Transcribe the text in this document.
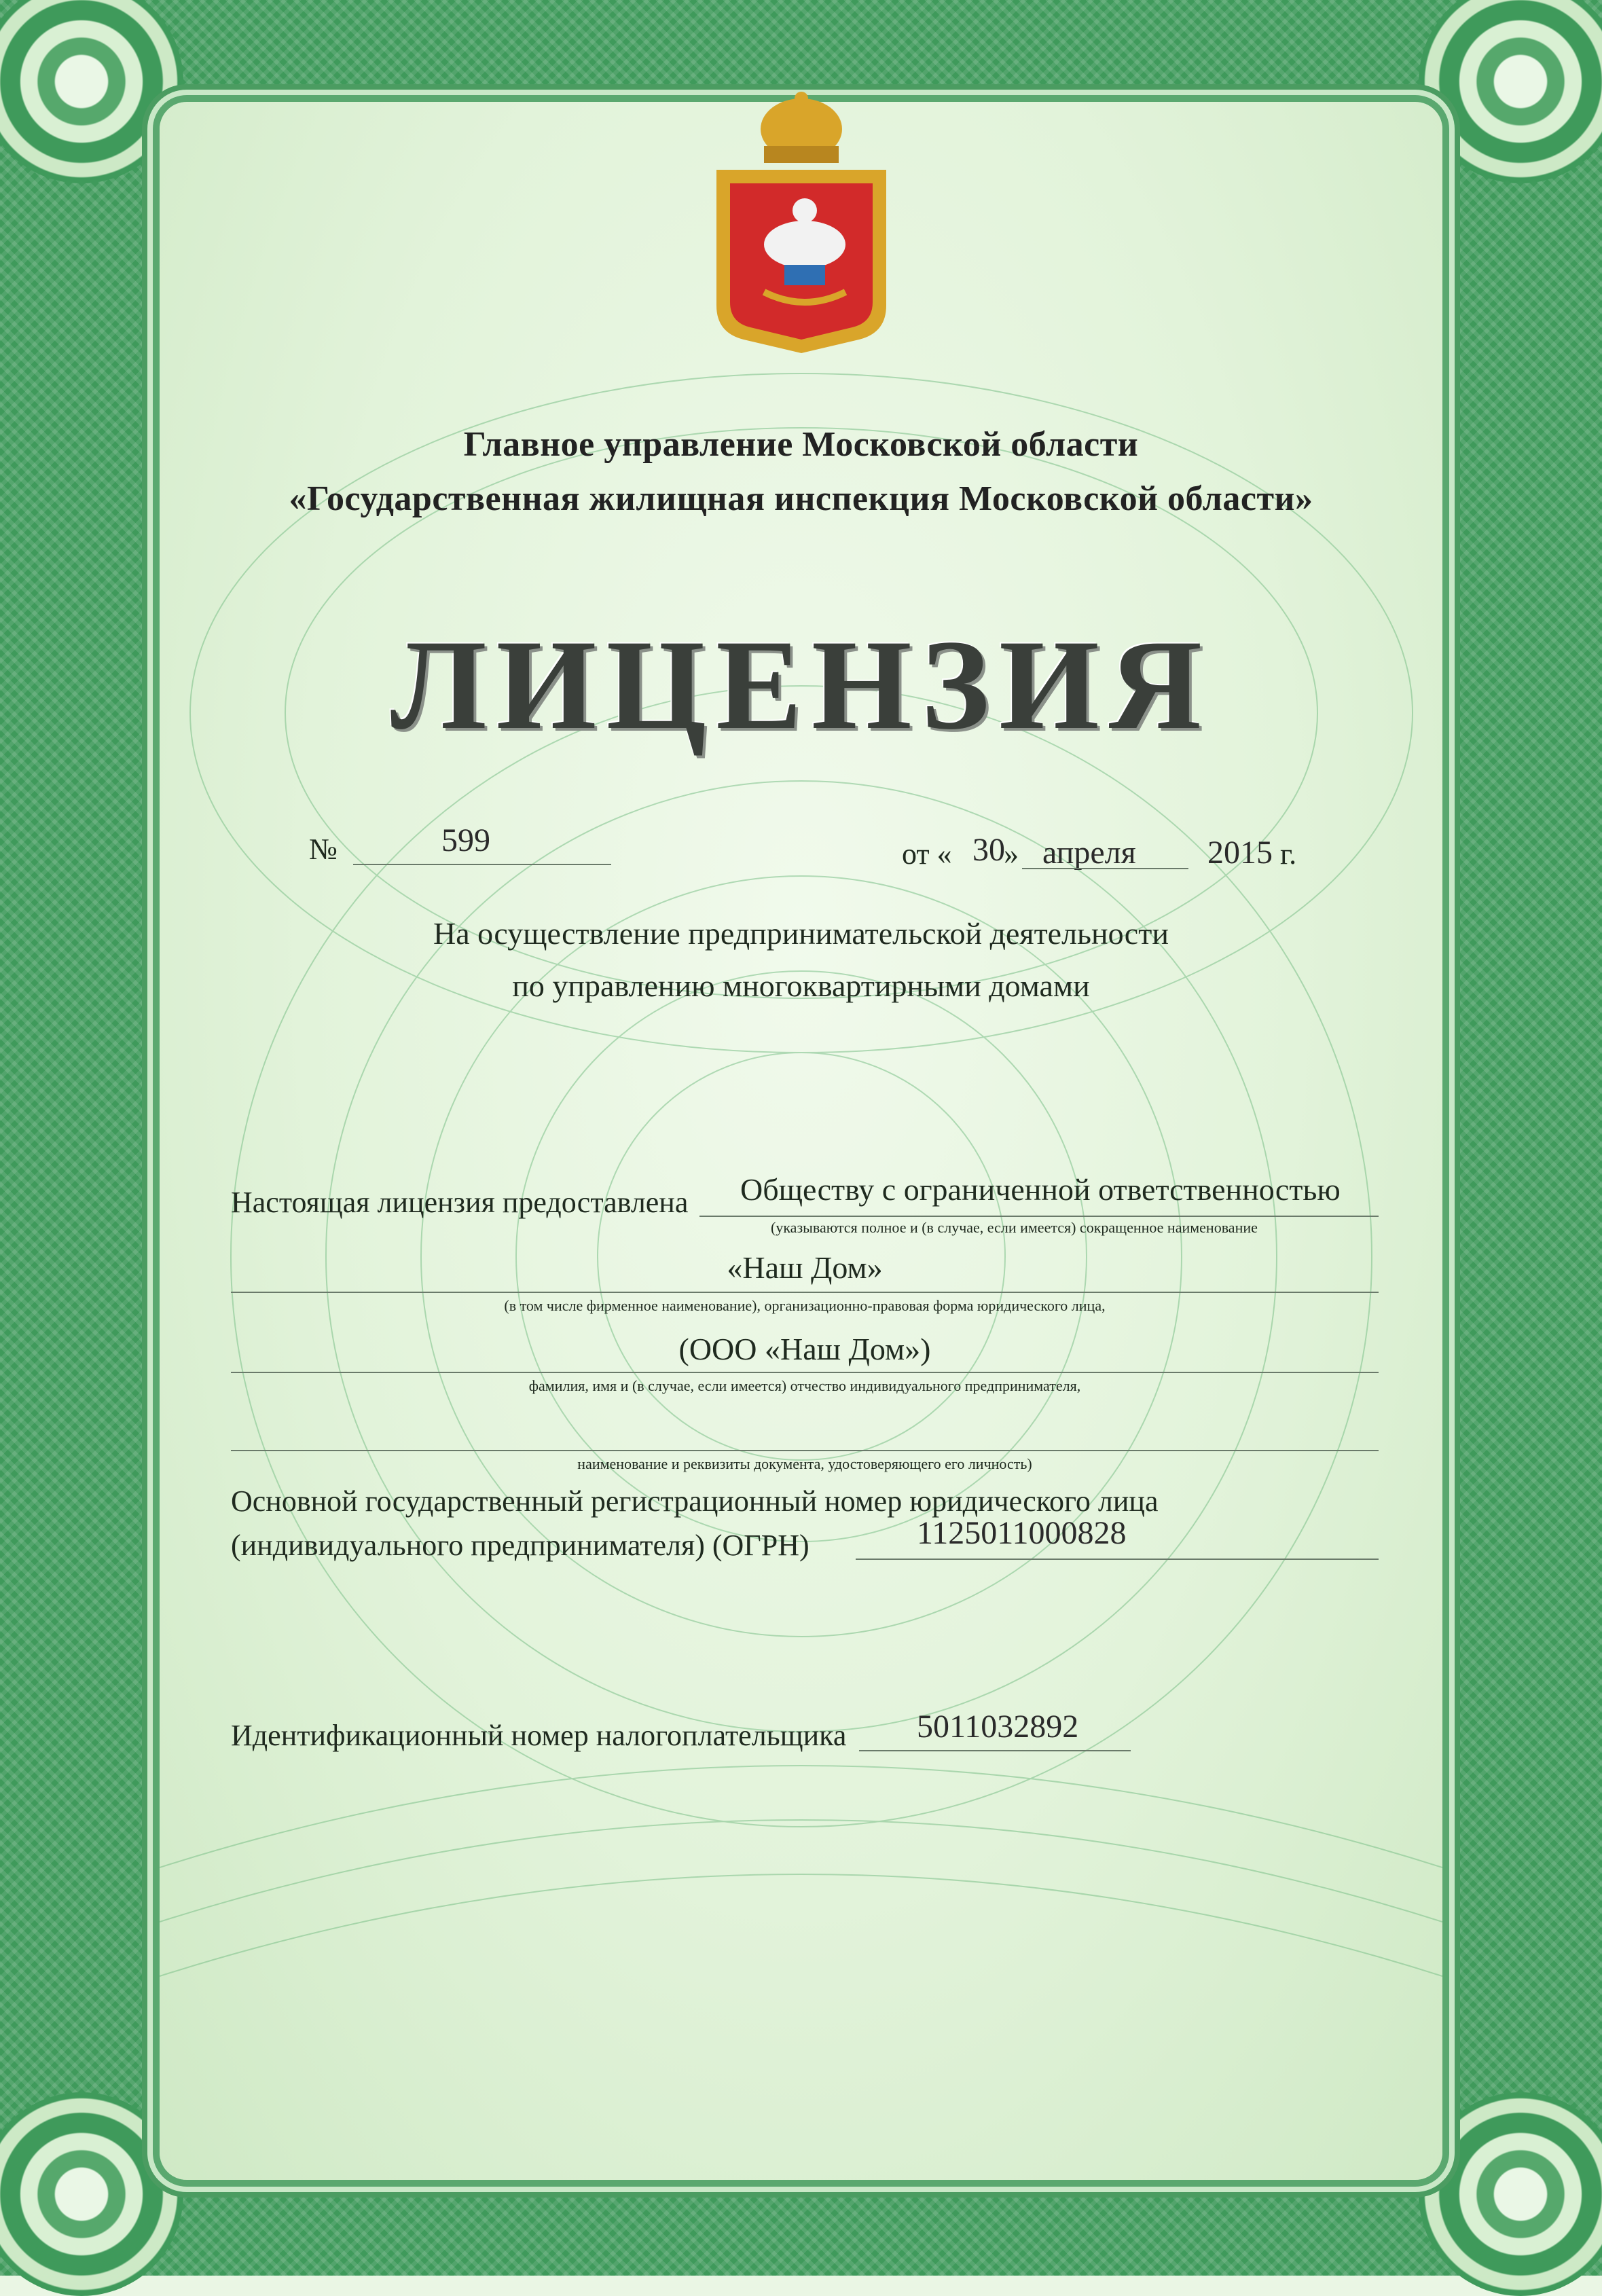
Главное управление Московской области
«Государственная жилищная инспекция Московской области»
ЛИЦЕНЗИЯ
№	599	от « 30
» апреля 2015 г.
На осуществление предпринимательской деятельности
по управлению многоквартирными домами
Настоящая лицензия предоставлена Обществу с ограниченной ответственностью
(указываются полное и (в случае, если имеется) сокращенное наименование
«Наш Дом»
(в том числе фирменное наименование), организационно-правовая форма юридического лица,
(ООО «Наш Дом»)
фамилия, имя и (в случае, если имеется) отчество индивидуального предпринимателя,
наименование и реквизиты документа, удостоверяющего его личность)
Основной государственный регистрационный номер юридического лица
(индивидуального предпринимателя) (ОГРН)	1125011000828
Идентификационный номер налогоплательщика 5011032892
